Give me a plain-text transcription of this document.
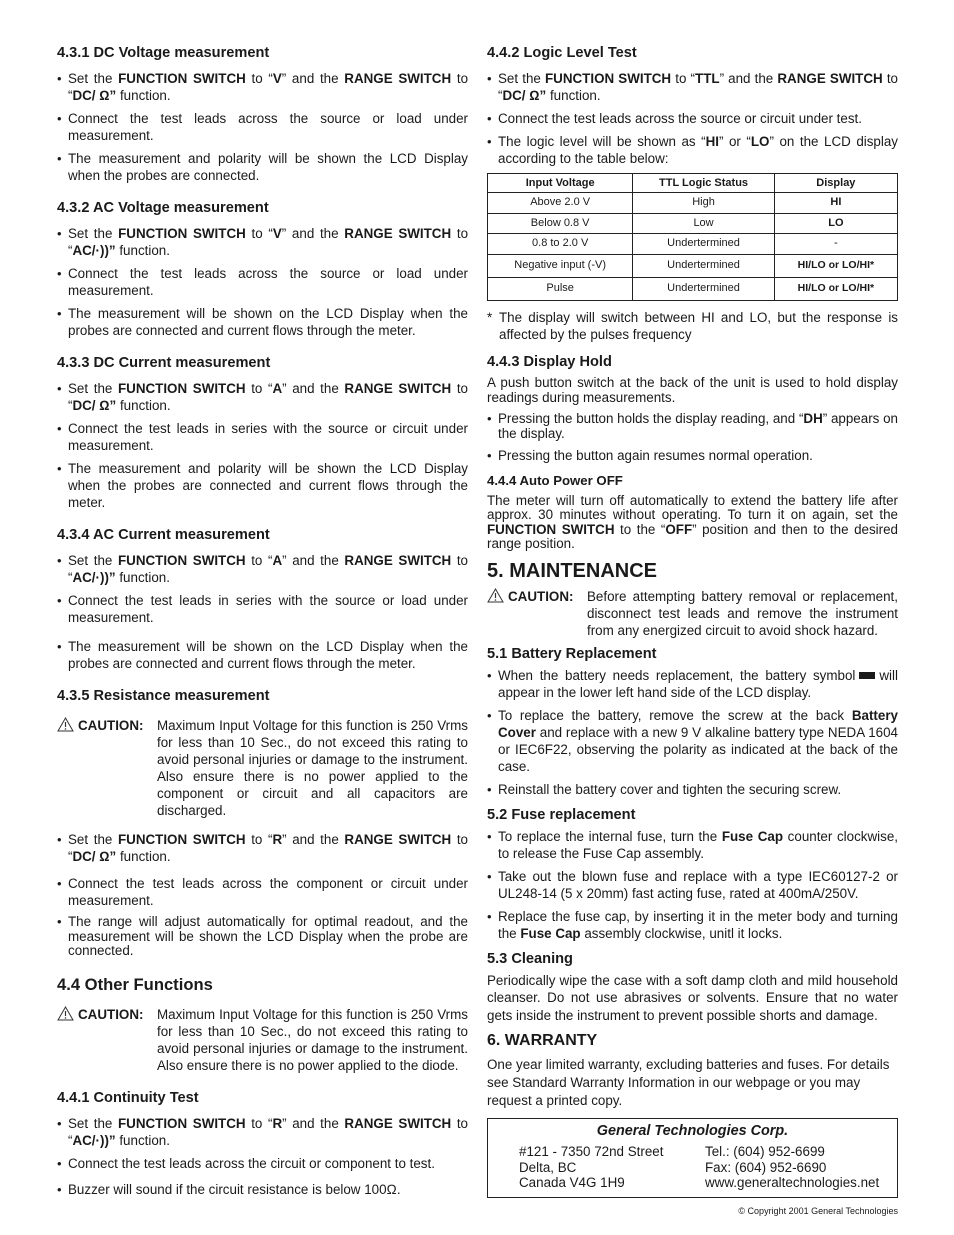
4.3.1 DC Voltage measurement
• Set the FUNCTION SWITCH to “V” and the RANGE SWITCH to “DC/ Ω” function.
• Connect the test leads across the source or load under measurement.
• The measurement and polarity will be shown the LCD Display when the probes are connected.
4.3.2 AC Voltage measurement
• Set the FUNCTION SWITCH to “V” and the RANGE SWITCH to “AC/·))” function.
• Connect the test leads across the source or load under measurement.
• The measurement will be shown on the LCD Display when the probes are connected and current flows through the meter.
4.3.3 DC Current measurement
• Set the FUNCTION SWITCH to “A” and the RANGE SWITCH to “DC/ Ω” function.
• Connect the test leads in series with the source or circuit under measurement.
• The measurement and polarity will be shown the LCD Display when the probes are connected and current flows through the meter.
4.3.4 AC Current measurement
• Set the FUNCTION SWITCH to “A” and the RANGE SWITCH to “AC/·))” function.
• Connect the test leads in series with the source or load under measurement.
• The measurement will be shown on the LCD Display when the probes are connected and current flows through the meter.
4.3.5 Resistance measurement
CAUTION : Maximum Input Voltage for this function is 250 Vrms for less than 10 Sec., do not exceed this rating to avoid personal injuries or damage to the instrument. Also ensure there is no power applied to the component or circuit and all capacitors are discharged.
• Set the FUNCTION SWITCH to “R” and the RANGE SWITCH to “DC/ Ω” function.
• Connect the test leads across the component or circuit under measurement.
• The range will adjust automatically for optimal readout, and the measurement will be shown the LCD Display when the probe are connected.
4.4 Other Functions
CAUTION : Maximum Input Voltage for this function is 250 Vrms for less than 10 Sec., do not exceed this rating to avoid personal injuries or damage to the instrument. Also ensure there is no power applied to the diode.
4.4.1 Continuity Test
• Set the FUNCTION SWITCH to “R” and the RANGE SWITCH to “AC/·))” function.
• Connect the test leads across the circuit or component to test.
• Buzzer will sound if the circuit resistance is below 100Ω.
4.4.2 Logic Level Test
• Set the FUNCTION SWITCH to “TTL” and the RANGE SWITCH to “DC/ Ω” function.
• Connect the test leads across the source or circuit under test.
• The logic level will be shown as “HI” or “LO” on the LCD display according to the table below:
Input Voltage	TTL Logic Status	Display
Above 2.0 V	High	HI
Below 0.8 V	Low	LO
0.8 to 2.0 V	Undertermined	-
Negative input (-V)	Undertermined	HI/LO or LO/HI*
Pulse	Undertermined	HI/LO or LO/HI*
* The display will switch between HI and LO, but the response is affected by the pulses frequency
4.4.3 Display Hold

A push button switch at the back of the unit is used to hold display readings during measurements.

• Pressing the button holds the display reading, and “DH” appears on the display.
• Pressing the button again resumes normal operation.
4.4.4 Auto Power OFF

The meter will turn off automatically to extend the battery life after approx. 30 minutes without operating. To turn it on again, set the FUNCTION SWITCH to the “OFF” position and then to the desired range position.

5. MAINTENANCE
CAUTION: Before attempting battery removal or replacement, disconnect test leads and remove the instrument from any energized circuit to avoid shock hazard.
5.1 Battery Replacement
• When the battery needs replacement, the battery symbol will appear in the lower left hand side of the LCD display.
• To replace the battery, remove the screw at the back Battery Cover and replace with a new 9 V alkaline battery type NEDA 1604 or IEC6F22, observing the polarity as indicated at the back of the case.
• Reinstall the battery cover and tighten the securing screw.
5.2 Fuse replacement
• To replace the internal fuse, turn the Fuse Cap counter clockwise, to release the Fuse Cap assembly.
• Take out the blown fuse and replace with a type IEC60127-2 or UL248-14 (5 x 20mm) fast acting fuse, rated at 400mA/250V.
• Replace the fuse cap, by inserting it in the meter body and turning the Fuse Cap assembly clockwise, unitl it locks.
5.3 Cleaning

Periodically wipe the case with a soft damp cloth and mild household cleanser. Do not use abrasives or solvents. Ensure that no water gets inside the instrument to prevent possible shorts and damage.

6. WARRANTY

One year limited warranty, excluding batteries and fuses. For details see Standard Warranty Information in our webpage or you may request a printed copy.

General Technologies Corp.
#121 - 7350 72nd Street
Delta, BC
Canada V4G 1H9
Tel.: (604) 952-6699
Fax: (604) 952-6690
www.generaltechnologies.net
© Copyright 2001 General Technologies
